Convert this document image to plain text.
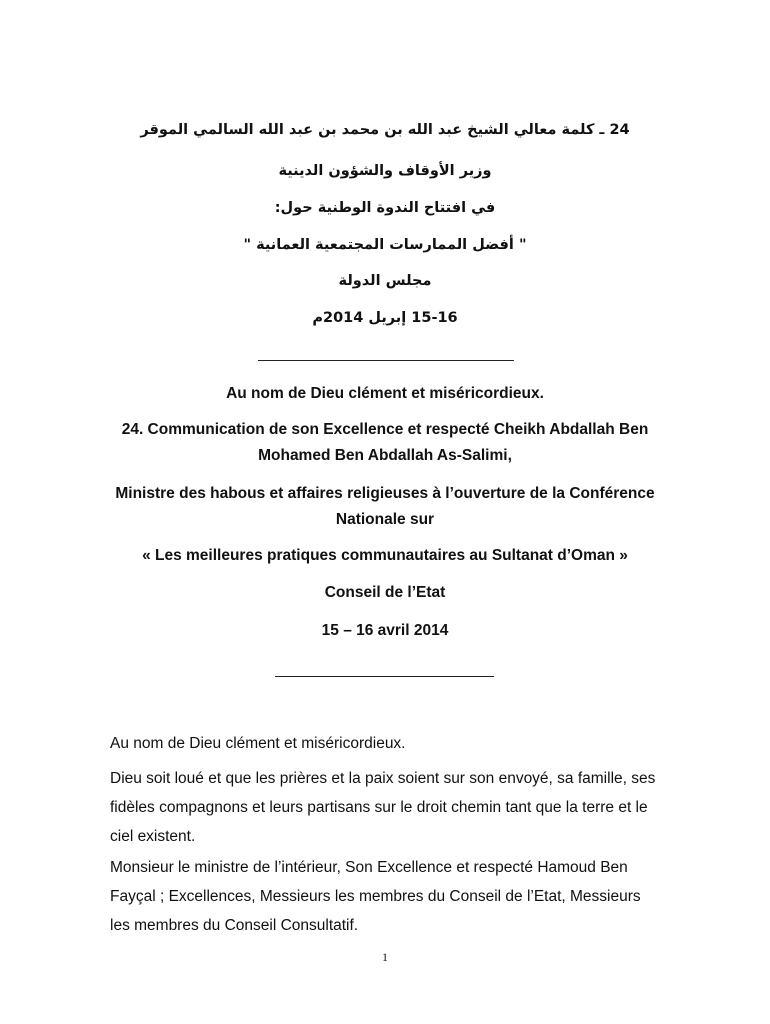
24 ـ كلمة معالي الشيخ عبد الله بن محمد بن عبد الله السالمي الموقر
وزير الأوقاف والشؤون الدينية
في افتتاح الندوة الوطنية حول:
" أفضل الممارسات المجتمعية العمانية "
مجلس الدولة
15-16 إبريل 2014م
Au nom de Dieu clément et miséricordieux.
24. Communication de son Excellence et respecté Cheikh Abdallah Ben
Mohamed Ben Abdallah As-Salimi,
Ministre des habous et affaires religieuses à l’ouverture de la Conférence
Nationale sur
« Les meilleures pratiques communautaires au Sultanat d’Oman »
Conseil de l’Etat
15 – 16 avril 2014
Au nom de Dieu clément et miséricordieux.
Dieu soit loué et que les prières et la paix soient sur son envoyé, sa famille, ses
fidèles compagnons et leurs partisans sur le droit chemin tant que la terre et le
ciel existent.
Monsieur le ministre de l’intérieur, Son Excellence et respecté Hamoud Ben
Fayçal ; Excellences, Messieurs les membres du Conseil de l’Etat, Messieurs
les membres du Conseil Consultatif.
1
